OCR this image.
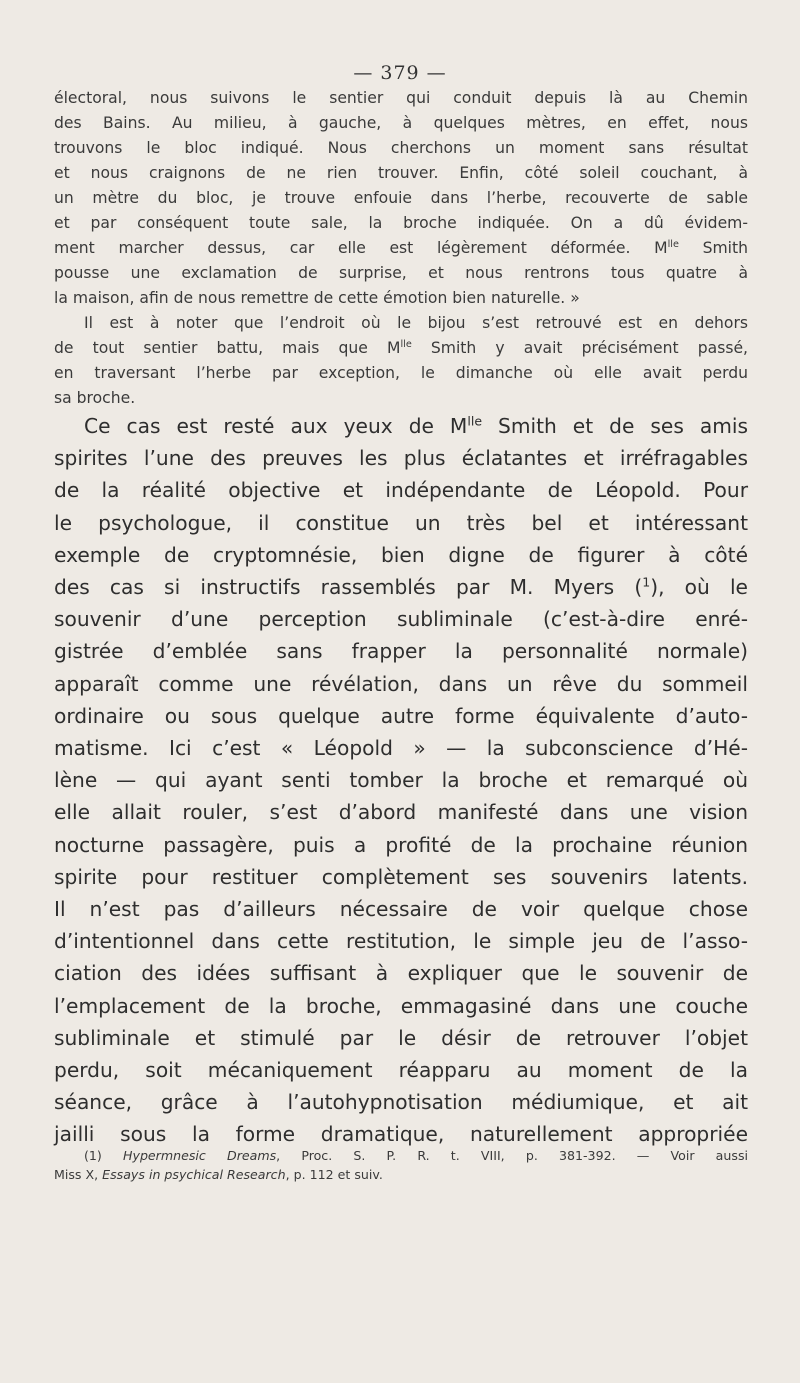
— 379 —
électoral, nous suivons le sentier qui conduit depuis là au Chemin
des Bains. Au milieu, à gauche, à quelques mètres, en effet, nous
trouvons le bloc indiqué. Nous cherchons un moment sans résultat
et nous craignons de ne rien trouver. Enfin, côté soleil couchant, à
un mètre du bloc, je trouve enfouie dans l’herbe, recouverte de sable
et par conséquent toute sale, la broche indiquée. On a dû évidem-
ment marcher dessus, car elle est légèrement déformée. $M^{lle}$ Smith
pousse une exclamation de surprise, et nous rentrons tous quatre à
la maison, afin de nous remettre de cette émotion bien naturelle. »
Il est à noter que l’endroit où le bijou s’est retrouvé est en dehors
de tout sentier battu, mais que $M^{lle}$ Smith y avait précisément passé,
en traversant l’herbe par exception, le dimanche où elle avait perdu
sa broche.
Ce cas est resté aux yeux de $M^{lle}$ Smith et de ses amis
spirites l’une des preuves les plus éclatantes et irréfragables
de la réalité objective et indépendante de Léopold. Pour
le psychologue, il constitue un très bel et intéressant
exemple de cryptomnésie, bien digne de figurer à côté
des cas si instructifs rassemblés par M. Myers ($^1$), où le
souvenir d’une perception subliminale (c’est-à-dire enré-
gistrée d’emblée sans frapper la personnalité normale)
apparaît comme une révélation, dans un rêve du sommeil
ordinaire ou sous quelque autre forme équivalente d’auto-
matisme. Ici c’est « Léopold » — la subconscience d’Hé-
lène — qui ayant senti tomber la broche et remarqué où
elle allait rouler, s’est d’abord manifesté dans une vision
nocturne passagère, puis a profité de la prochaine réunion
spirite pour restituer complètement ses souvenirs latents.
Il n’est pas d’ailleurs nécessaire de voir quelque chose
d’intentionnel dans cette restitution, le simple jeu de l’asso-
ciation des idées suffisant à expliquer que le souvenir de
l’emplacement de la broche, emmagasiné dans une couche
subliminale et stimulé par le désir de retrouver l’objet
perdu, soit mécaniquement réapparu au moment de la
séance, grâce à l’autohypnotisation médiumique, et ait
jailli sous la forme dramatique, naturellement appropriée
(1) Hypermnesic Dreams, Proc. S. P. R. t. VIII, p. 381-392. — Voir aussi
Miss X, Essays in psychical Research, p. 112 et suiv.
